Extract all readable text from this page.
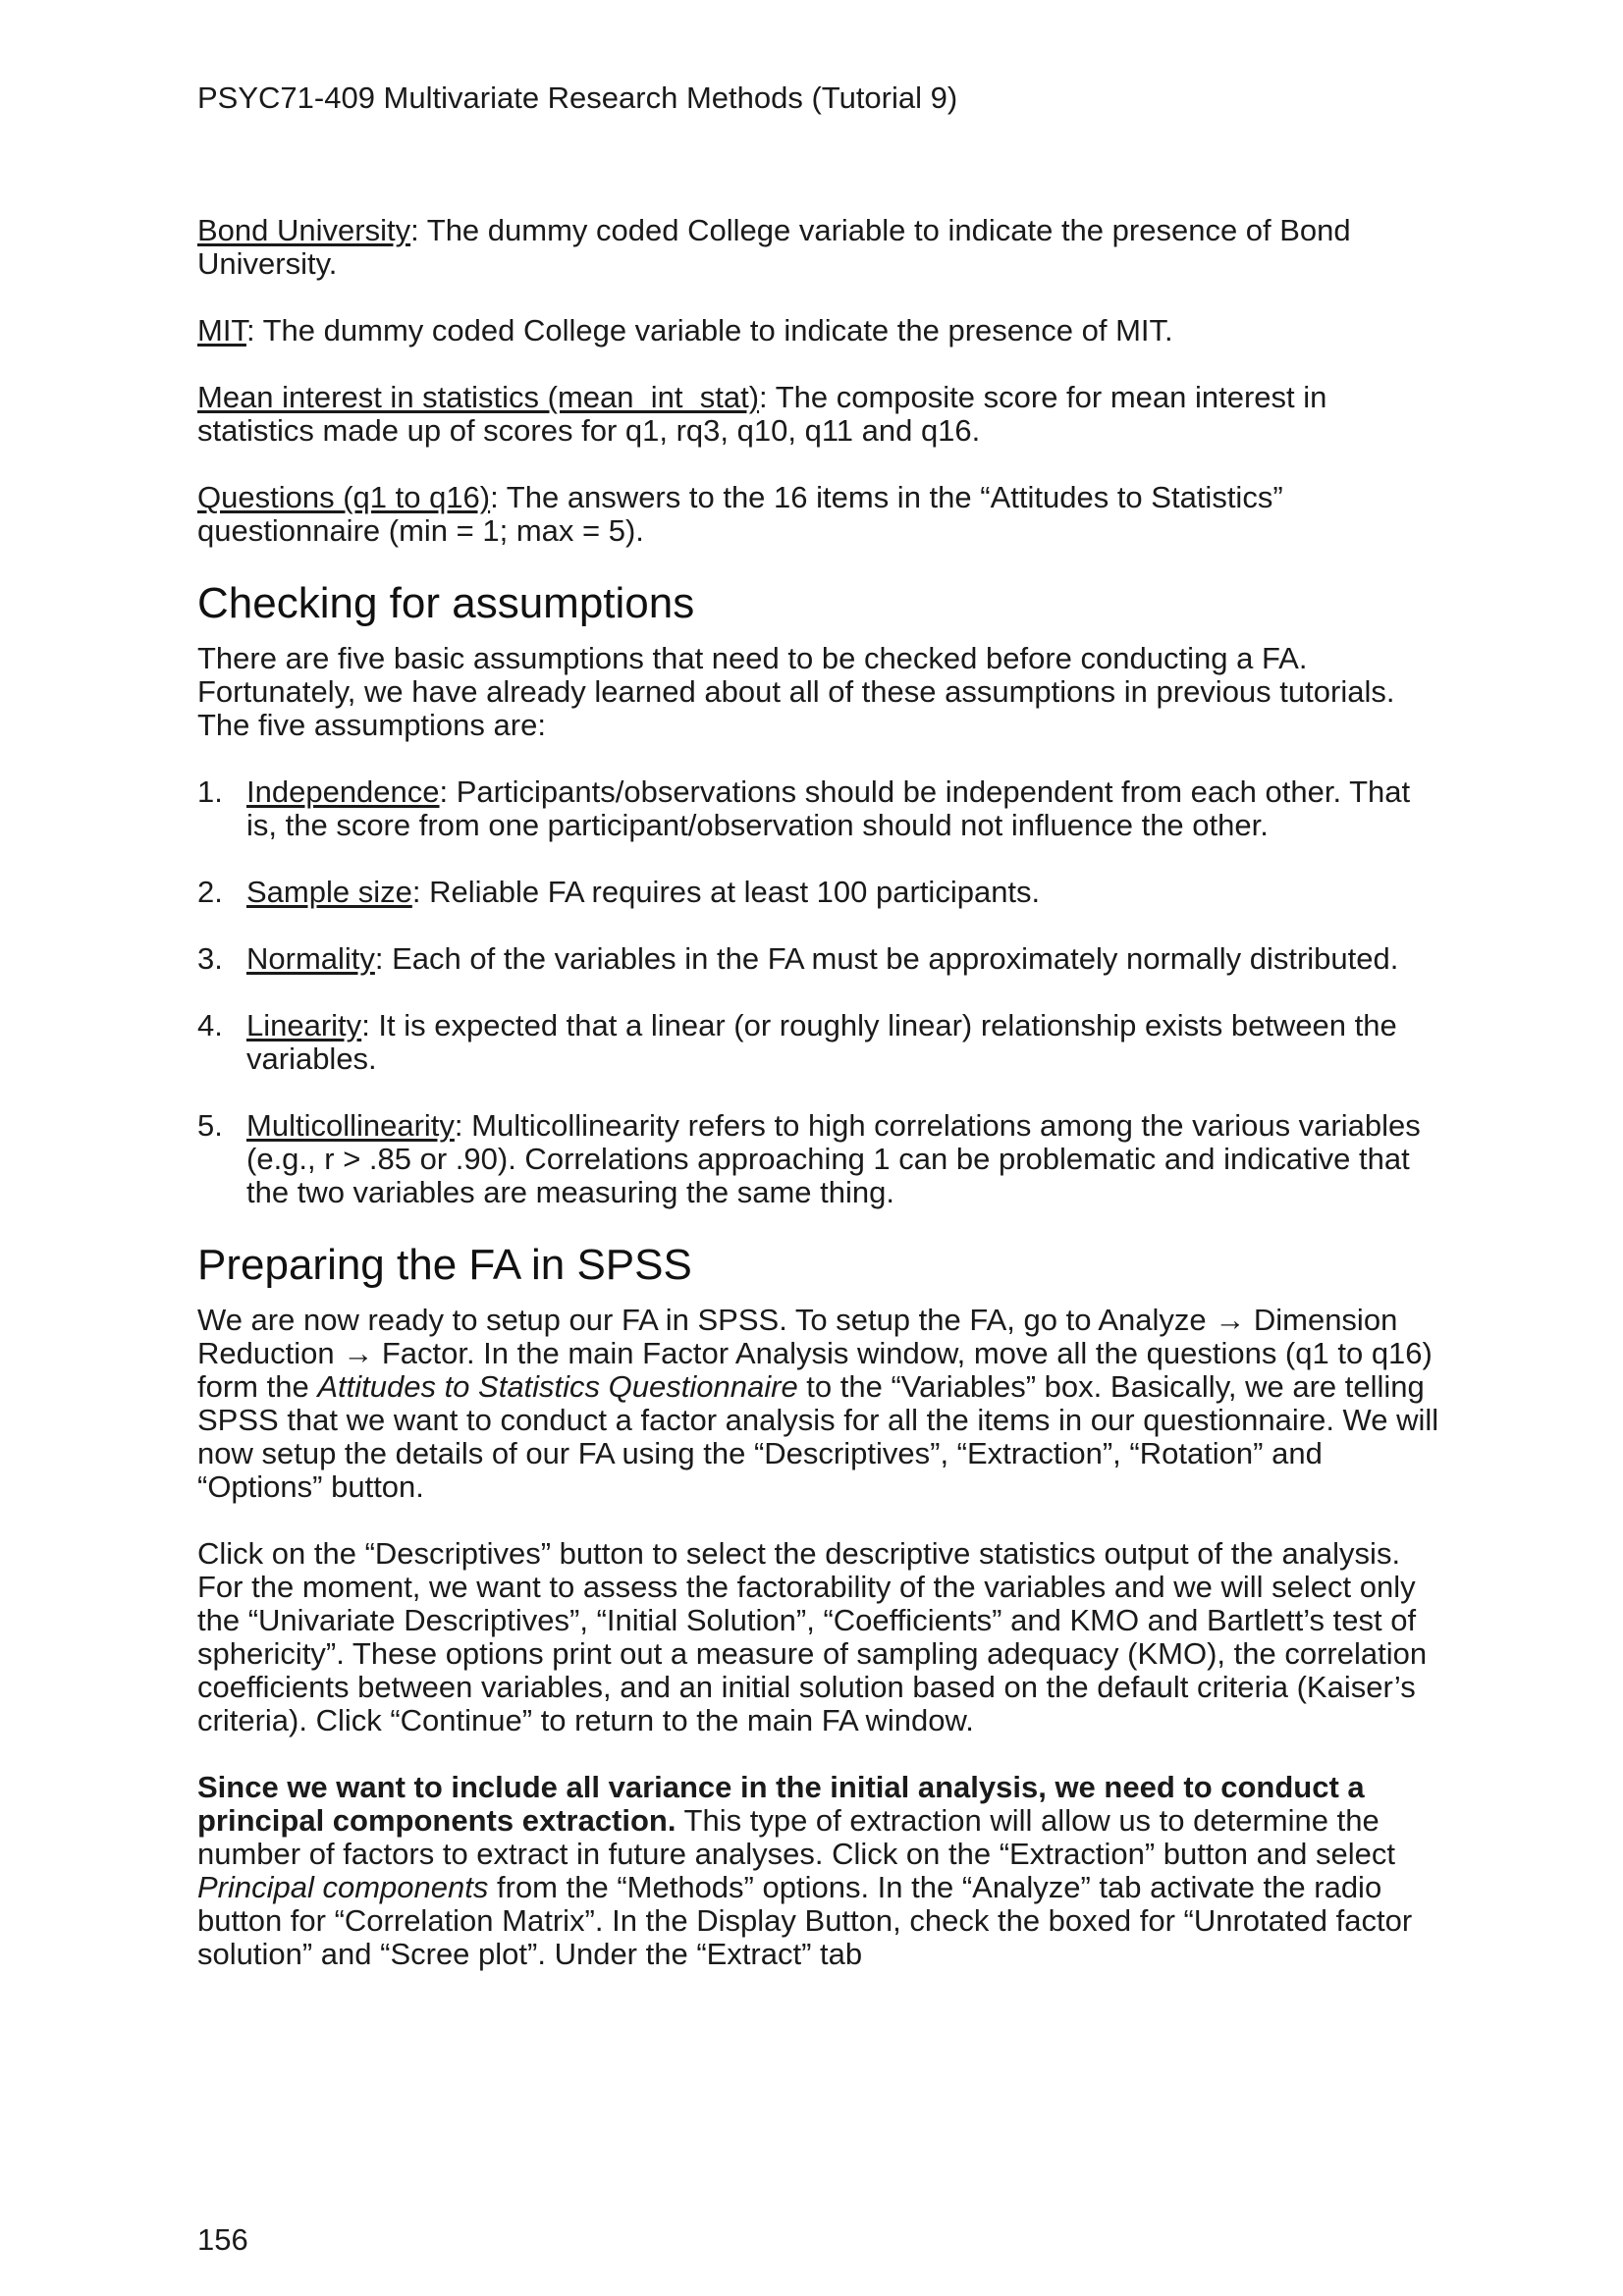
PSYC71-409 Multivariate Research Methods (Tutorial 9)
Bond University: The dummy coded College variable to indicate the presence of Bond University.
MIT: The dummy coded College variable to indicate the presence of MIT.
Mean interest in statistics (mean_int_stat): The composite score for mean interest in statistics made up of scores for q1, rq3, q10, q11 and q16.
Questions (q1 to q16): The answers to the 16 items in the “Attitudes to Statistics” questionnaire (min = 1; max = 5).
Checking for assumptions

There are five basic assumptions that need to be checked before conducting a FA. Fortunately, we have already learned about all of these assumptions in previous tutorials. The five assumptions are:

1. Independence: Participants/observations should be independent from each other. That is, the score from one participant/observation should not influence the other.
2. Sample size: Reliable FA requires at least 100 participants.
3. Normality: Each of the variables in the FA must be approximately normally distributed.
4. Linearity: It is expected that a linear (or roughly linear) relationship exists between the variables.
5. Multicollinearity: Multicollinearity refers to high correlations among the various variables (e.g., r > .85 or .90). Correlations approaching 1 can be problematic and indicative that the two variables are measuring the same thing.
Preparing the FA in SPSS

We are now ready to setup our FA in SPSS. To setup the FA, go to Analyze → Dimension Reduction → Factor. In the main Factor Analysis window, move all the questions (q1 to q16) form the Attitudes to Statistics Questionnaire to the “Variables” box. Basically, we are telling SPSS that we want to conduct a factor analysis for all the items in our questionnaire. We will now setup the details of our FA using the “Descriptives”, “Extraction”, “Rotation” and “Options” button.

Click on the “Descriptives” button to select the descriptive statistics output of the analysis. For the moment, we want to assess the factorability of the variables and we will select only the “Univariate Descriptives”, “Initial Solution”, “Coefficients” and KMO and Bartlett’s test of sphericity”. These options print out a measure of sampling adequacy (KMO), the correlation coefficients between variables, and an initial solution based on the default criteria (Kaiser’s criteria). Click “Continue” to return to the main FA window.

Since we want to include all variance in the initial analysis, we need to conduct a principal components extraction. This type of extraction will allow us to determine the number of factors to extract in future analyses. Click on the “Extraction” button and select Principal components from the “Methods” options. In the “Analyze” tab activate the radio button for “Correlation Matrix”. In the Display Button, check the boxed for “Unrotated factor solution” and “Scree plot”. Under the “Extract” tab

156
